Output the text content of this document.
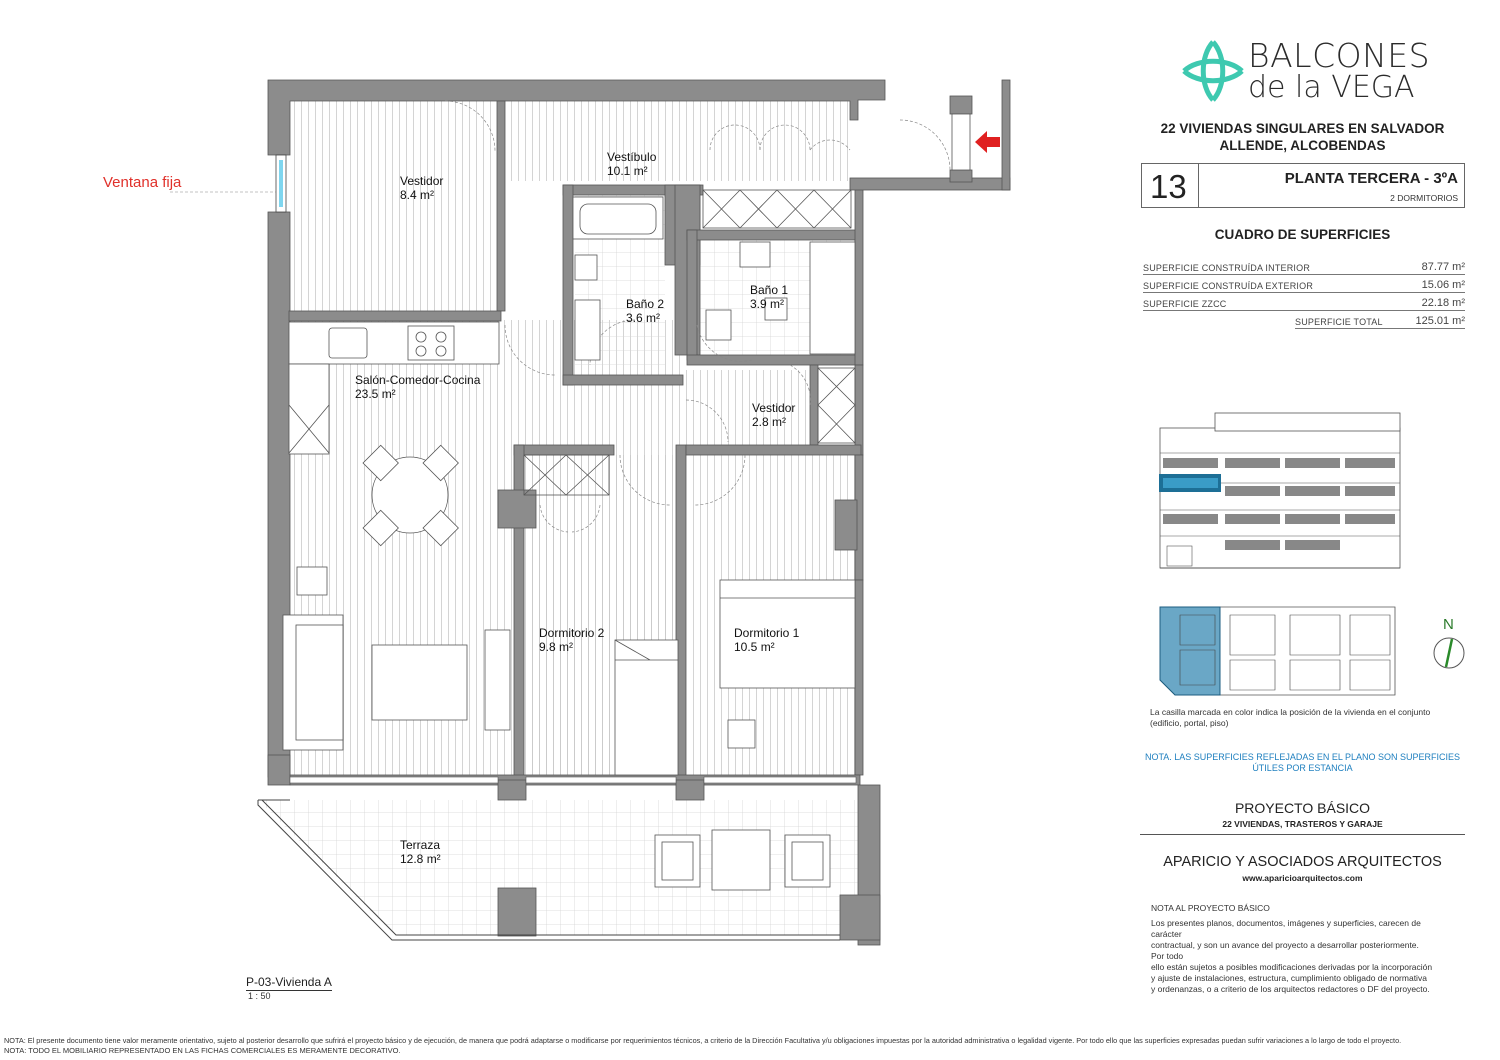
Vestidor
8.4 m²
Vestíbulo
10.1 m²
Baño 2
3.6 m²
Baño 1
3.9 m²
Salón-Comedor-Cocina
23.5 m²
Vestidor
2.8 m²
Dormitorio 2
9.8 m²
Dormitorio 1
10.5 m²
Terraza
12.8 m²
Ventana fija
P-03-Vivienda A
1 : 50
BALCONES
de la VEGA
22 VIVIENDAS SINGULARES EN SALVADOR
ALLENDE, ALCOBENDAS
13	PLANTA TERCERA - 3ºA
2 DORMITORIOS
CUADRO DE SUPERFICIES
SUPERFICIE CONSTRUÍDA INTERIOR	87.77 m²
SUPERFICIE CONSTRUÍDA EXTERIOR	15.06 m²
SUPERFICIE ZZCC	22.18 m²
SUPERFICIE TOTAL	125.01 m²
N
La casilla marcada en color indica la posición de la vivienda en el conjunto (edificio, portal, piso)
NOTA. LAS SUPERFICIES REFLEJADAS EN EL PLANO SON SUPERFICIES ÚTILES POR ESTANCIA
PROYECTO BÁSICO
22 VIVIENDAS, TRASTEROS Y GARAJE
APARICIO Y ASOCIADOS ARQUITECTOS
www.aparicioarquitectos.com
NOTA AL PROYECTO BÁSICO
Los presentes planos, documentos, imágenes y superficies, carecen de
carácter
contractual, y son un avance del proyecto a desarrollar posteriormente.
Por todo
ello están sujetos a posibles modificaciones derivadas por la incorporación
y ajuste de instalaciones, estructura, cumplimiento obligado de normativa
y ordenanzas, o a criterio de los arquitectos redactores o DF del proyecto.
NOTA: El presente documento tiene valor meramente orientativo, sujeto al posterior desarrollo que sufrirá el proyecto básico y de ejecución, de manera que podrá adaptarse o modificarse por requerimientos técnicos, a criterio de la Dirección Facultativa y/u obligaciones impuestas por la autoridad administrativa o legalidad vigente. Por todo ello que las superficies expresadas puedan sufrir variaciones a lo largo de todo el proyecto.
NOTA: TODO EL MOBILIARIO REPRESENTADO EN LAS FICHAS COMERCIALES ES MERAMENTE DECORATIVO.
